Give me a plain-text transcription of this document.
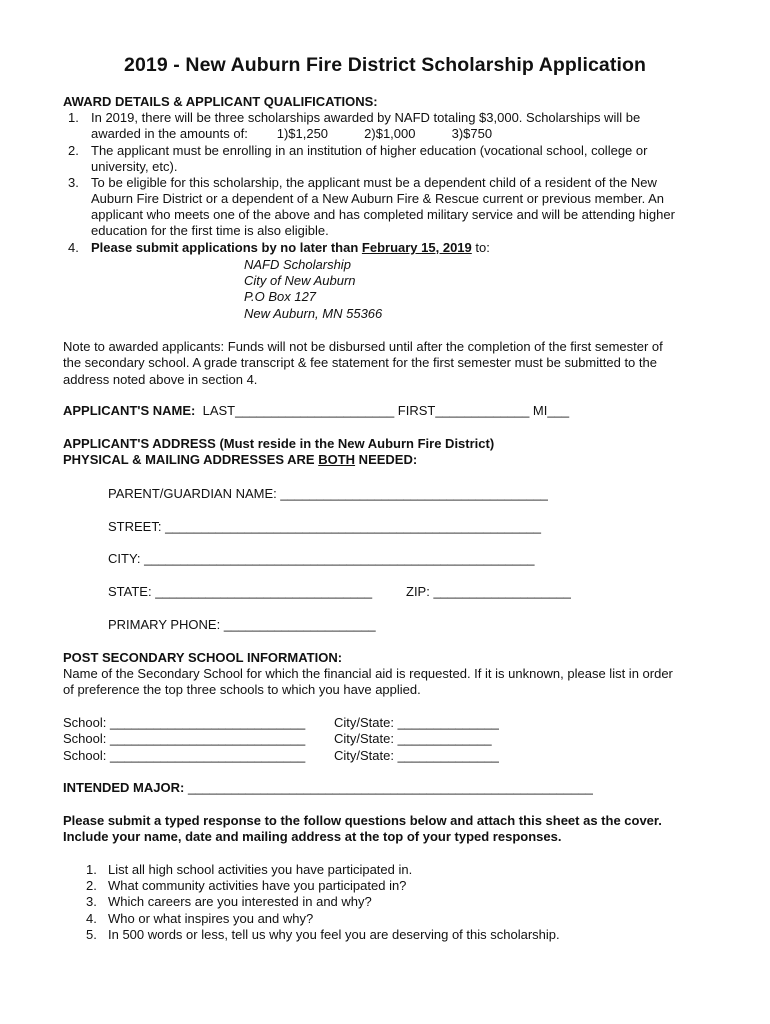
2019 - New Auburn Fire District Scholarship Application
AWARD DETAILS & APPLICANT QUALIFICATIONS:
1. In 2019, there will be three scholarships awarded by NAFD totaling $3,000. Scholarships will be
awarded in the amounts of:        1)$1,250          2)$1,000          3)$750
2. The applicant must be enrolling in an institution of higher education (vocational school, college or
university, etc).
3. To be eligible for this scholarship, the applicant must be a dependent child of a resident of the New
Auburn Fire District or a dependent of a New Auburn Fire & Rescue current or previous member. An
applicant who meets one of the above and has completed military service and will be attending higher
education for the first time is also eligible.
4. Please submit applications by no later than February 15, 2019 to:
NAFD Scholarship
City of New Auburn
P.O Box 127
New Auburn, MN 55366
Note to awarded applicants: Funds will not be disbursed until after the completion of the first semester of
the secondary school. A grade transcript & fee statement for the first semester must be submitted to the
address noted above in section 4.
APPLICANT'S NAME:  LAST______________________ FIRST_____________ MI___
APPLICANT'S ADDRESS (Must reside in the New Auburn Fire District)
PHYSICAL & MAILING ADDRESSES ARE BOTH NEEDED:
PARENT/GUARDIAN NAME: _____________________________________
STREET: ____________________________________________________
CITY: ______________________________________________________
STATE: ______________________________	ZIP: ___________________
PRIMARY PHONE: _____________________
POST SECONDARY SCHOOL INFORMATION:
Name of the Secondary School for which the financial aid is requested. If it is unknown, please list in order
of preference the top three schools to which you have applied.
School: ___________________________ City/State: ______________
School: ___________________________ City/State: _____________
School: ___________________________ City/State: ______________
INTENDED MAJOR: ________________________________________________________
Please submit a typed response to the follow questions below and attach this sheet as the cover.
Include your name, date and mailing address at the top of your typed responses.
1. List all high school activities you have participated in.
2. What community activities have you participated in?
3. Which careers are you interested in and why?
4. Who or what inspires you and why?
5. In 500 words or less, tell us why you feel you are deserving of this scholarship.
